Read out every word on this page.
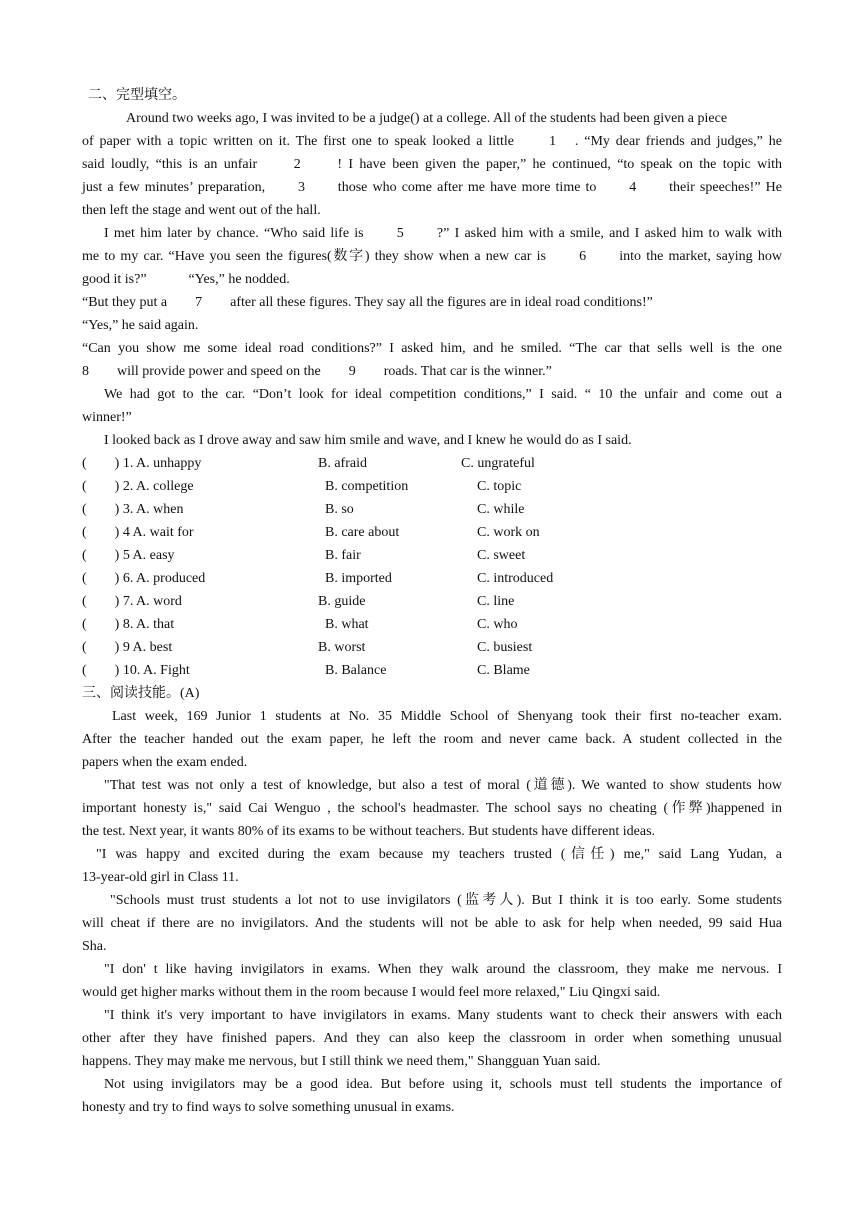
二、完型填空。
Around two weeks ago, I was invited to be a judge() at a college. All of the students had been given a piece
of paper with a topic written on it. The first one to speak looked a little　　1　. “My dear friends and judges,” he
said loudly, “this is an unfair　　2　　! I have been given the paper,” he continued, “to speak on the topic with
just a few minutes’ preparation,　　3　　those who come after me have more time to　　4　　their speeches!” He
then left the stage and went out of the hall.
I met him later by chance. “Who said life is　　5　　?” I asked him with a smile, and I asked him to walk with
me to my car. “Have you seen the figures(数字) they show when a new car is　　6　　into the market, saying how
good it is?”　　　“Yes,” he nodded.
“But they put a　　7　　after all these figures. They say all the figures are in ideal road conditions!”
“Yes,” he said again.
“Can you show me some ideal road conditions?” I asked him, and he smiled. “The car that sells well is the one
8　　will provide power and speed on the　　9　　roads. That car is the winner.”
We had got to the car. “Don’t look for ideal competition conditions,” I said. “ 10 the unfair and come out a
winner!”
I looked back as I drove away and saw him smile and wave, and I knew he would do as I said.
(　　) 1. A. unhappy	B. afraid	C. ungrateful
(　　) 2. A. college	B. competition	C. topic
(　　) 3. A. when	B. so	C. while
(　　) 4 A. wait for	B. care about	C. work on
(　　) 5 A. easy	B. fair	C. sweet
(　　) 6. A. produced	B. imported	C. introduced
(　　) 7. A. word	B. guide	C. line
(　　) 8. A. that	B. what	C. who
(　　) 9 A. best	B. worst	C. busiest
(　　) 10. A. Fight	B. Balance	C. Blame
三、阅读技能。(A)
Last week, 169 Junior 1 students at No. 35 Middle School of Shenyang took their first no-teacher exam.
After the teacher handed out the exam paper, he left the room and never came back. A student collected in the
papers when the exam ended.
"That test was not only a test of knowledge, but also a test of moral (道德). We wanted to show students how
important honesty is," said Cai Wenguo , the school's headmaster. The school says no cheating (作弊)happened in
the test. Next year, it wants 80% of its exams to be without teachers. But students have different ideas.
"I was happy and excited during the exam because my teachers trusted (信任) me," said Lang Yudan, a
13-year-old girl in Class 11.
"Schools must trust students a lot not to use invigilators (监考人). But I think it is too early. Some students
will cheat if there are no invigilators. And the students will not be able to ask for help when needed, 99 said Hua
Sha.
"I don' t like having invigilators in exams. When they walk around the classroom, they make me nervous. I
would get higher marks without them in the room because I would feel more relaxed," Liu Qingxi said.
"I think it's very important to have invigilators in exams. Many students want to check their answers with each
other after they have finished papers. And they can also keep the classroom in order when something unusual
happens. They may make me nervous, but I still think we need them," Shangguan Yuan said.
Not using invigilators may be a good idea. But before using it, schools must tell students the importance of
honesty and try to find ways to solve something unusual in exams.
